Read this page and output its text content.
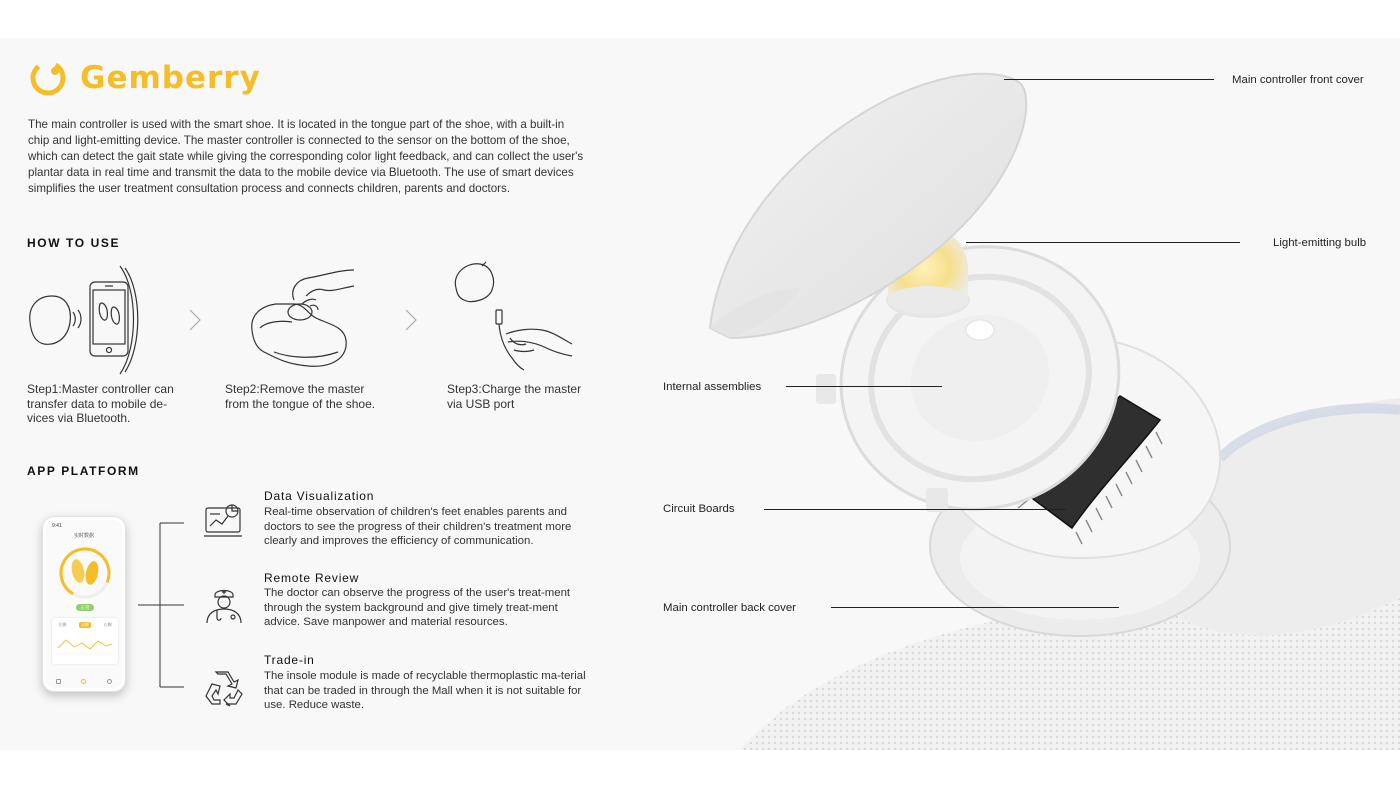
Gemberry

The main controller is used with the smart shoe. It is located in the tongue part of the shoe, with a built-in chip and light-emitting device. The master controller is connected to the sensor on the bottom of the shoe, which can detect the gait state while giving the corresponding color light feedback, and can collect the user's plantar data in real time and transmit the data to the mobile device via Bluetooth. The use of smart devices simplifies the user treatment consultation process and connects children, parents and doctors.

HOW TO USE
Step1:Master controller can
transfer data to mobile de-
vices via Bluetooth.
Step2:Remove the master
from the tongue of the shoe.
Step3:Charge the master
via USB port
APP PLATFORM
9:41
实时数据
正常
左脚	双脚	右脚
Data Visualization
Real-time observation of children's feet enables parents and doctors to see the progress of their children's treatment more clearly and improves the efficiency of communication.
Remote Review
The doctor can observe the progress of the user's treat-ment through the system background and give timely treat-ment advice. Save manpower and material resources.
Trade-in
The insole module is made of recyclable thermoplastic ma-terial that can be traded in through the Mall when it is not suitable for use. Reduce waste.
Main controller front cover
Light-emitting bulb
Internal assemblies
Circuit Boards
Main controller back cover
